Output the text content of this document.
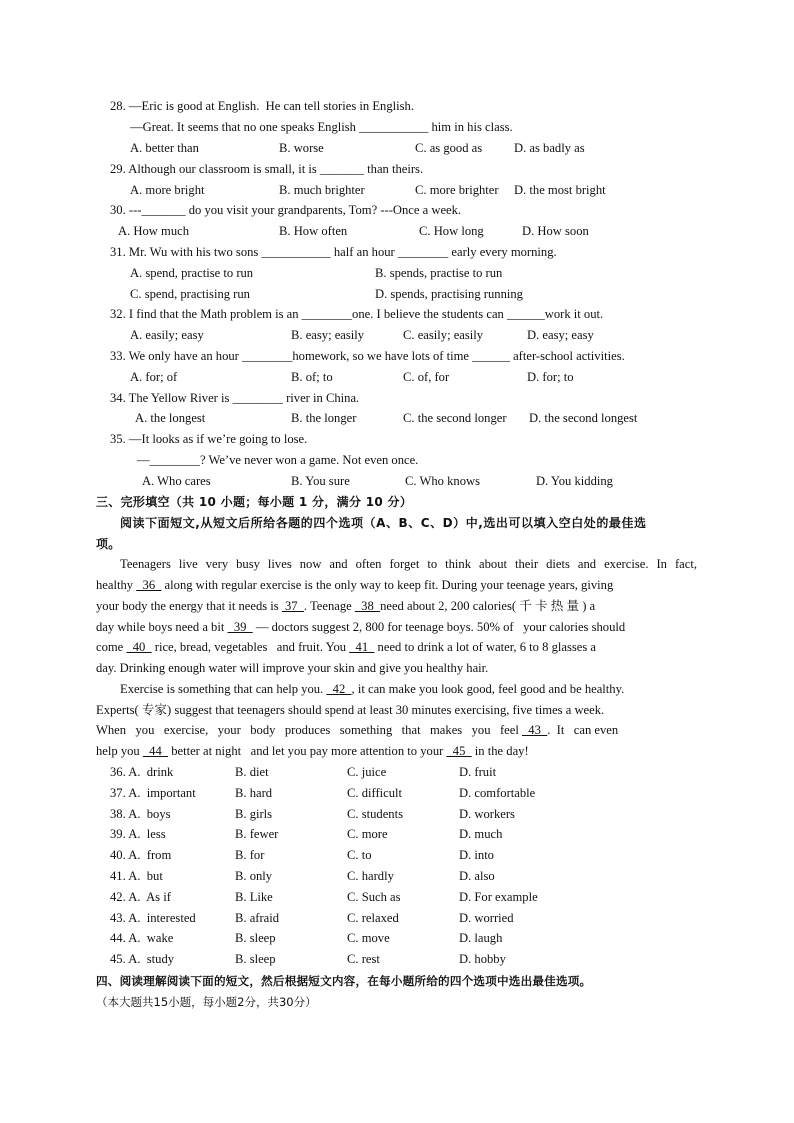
28. —Eric is good at English.  He can tell stories in English.
—Great. It seems that no one speaks English ___________ him in his class.
A. better than	B. worse	C. as good as	D. as badly as
29. Although our classroom is small, it is _______ than theirs.
A. more bright	B. much brighter	C. more brighter D. the most bright
30. ---_______ do you visit your grandparents, Tom? ---Once a week.
A. How much	B. How often	C. How long	D. How soon
31. Mr. Wu with his two sons ___________ half an hour ________ early every morning.
A. spend, practise to run	B. spends, practise to run
C. spend, practising run	D. spends, practising running
32. I find that the Math problem is an ________one. I believe the students can ______work it out.
A. easily; easy	B. easy; easily	C. easily; easily	D. easy; easy
33. We only have an hour ________homework, so we have lots of time ______ after-school activities.
A. for; of	B. of; to	C. of, for	D. for; to
34. The Yellow River is ________ river in China.
A. the longest	B. the longer	C. the second longer D. the second longest
35. —It looks as if we’re going to lose.
—________? We’ve never won a game. Not even once.
A. Who cares	B. You sure	C. Who knows	D. You kidding
三、完形填空（共 10 小题；每小题 1 分，满分 10 分）
阅读下面短文,从短文后所给各题的四个选项（A、B、C、D）中,选出可以填入空白处的最佳选
项。
Teenagers live very busy lives now and often forget to think about their diets and exercise. In fact,
healthy   36   along with regular exercise is the only way to keep fit. During your teenage years, giving
your body the energy that it needs is  37  . Teenage   38  need about 2, 200 calories( 千 卡 热 量 ) a
day while boys need a bit   39   — doctors suggest 2, 800 for teenage boys. 50% of   your calories should
come   40   rice, bread, vegetables   and fruit. You   41   need to drink a lot of water, 6 to 8 glasses a
day. Drinking enough water will improve your skin and give you healthy hair.
Exercise is something that can help you.   42  , it can make you look good, feel good and be healthy.
Experts( 专家) suggest that teenagers should spend at least 30 minutes exercising, five times a week.
When   you   exercise,   your   body   produces   something   that   makes   you   feel   43  .  It   can even
help you   44   better at night   and let you pay more attention to your   45   in the day!
36. A.  drink	B. diet	C. juice	D. fruit
37. A.  important	B. hard	C. difficult	D. comfortable
38. A.  boys	B. girls	C. students	D. workers
39. A.  less	B. fewer	C. more	D. much
40. A.  from	B. for	C. to	D. into
41. A.  but	B. only	C. hardly	D. also
42. A.  As if	B. Like	C. Such as	D. For example
43. A.  interested	B. afraid	C. relaxed	D. worried
44. A.  wake	B. sleep	C. move	D. laugh
45. A.  study	B. sleep	C. rest	D. hobby
四、阅读理解阅读下面的短文，然后根据短文内容，在每小题所给的四个选项中选出最佳选项。
（本大题共15小题，每小题2分，共30分）
